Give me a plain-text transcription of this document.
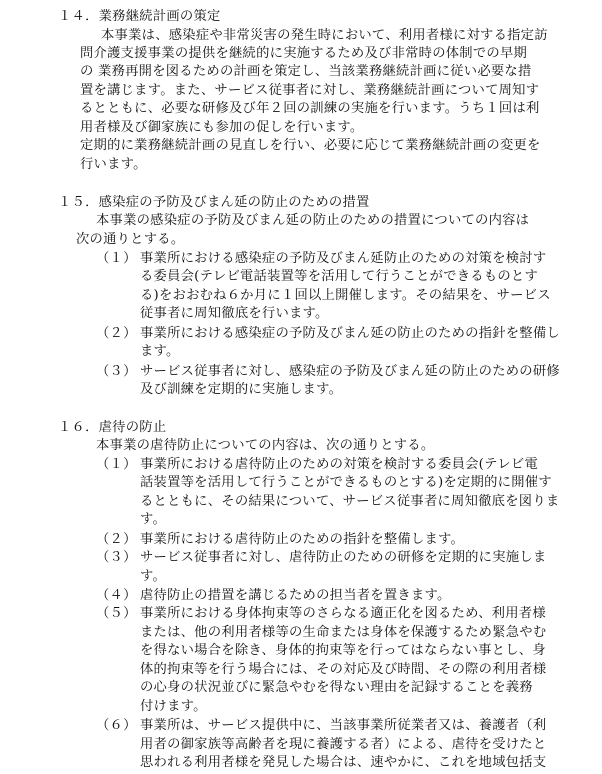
１４．業務継続計画の策定
本事業は、感染症や非常災害の発生時において、利用者様に対する指定訪
問介護支援事業の提供を継続的に実施するため及び非常時の体制での早期
の 業務再開を図るための計画を策定し、当該業務継続計画に従い必要な措
置を講じます。また、サービス従事者に対し、業務継続計画について周知す
るとともに、必要な研修及び年２回の訓練の実施を行います。うち１回は利
用者様及び御家族にも参加の促しを行います。
定期的に業務継続計画の見直しを行い、必要に応じて業務継続計画の変更を
行います。
１５．感染症の予防及びまん延の防止のための措置
本事業の感染症の予防及びまん延の防止のための措置についての内容は
次の通りとする。
（１） 事業所における感染症の予防及びまん延防止のための対策を検討す
る委員会(テレビ電話装置等を活用して行うことができるものとす
る)をおおむね６か月に１回以上開催します。その結果を、サービス
従事者に周知徹底を行います。
（２） 事業所における感染症の予防及びまん延の防止のための指針を整備し
ます。
（３） サービス従事者に対し、感染症の予防及びまん延の防止のための研修
及び訓練を定期的に実施します。
１６．虐待の防止
本事業の虐待防止についての内容は、次の通りとする。
（１） 事業所における虐待防止のための対策を検討する委員会(テレビ電
話装置等を活用して行うことができるものとする)を定期的に開催す
るとともに、その結果について、サービス従事者に周知徹底を図りま
す。
（２） 事業所における虐待防止のための指針を整備します。
（３） サービス従事者に対し、虐待防止のための研修を定期的に実施しま
す。
（４） 虐待防止の措置を講じるための担当者を置きます。
（５） 事業所における身体拘束等のさらなる適正化を図るため、利用者様
または、他の利用者様等の生命または身体を保護するため緊急やむ
を得ない場合を除き、身体的拘束等を行ってはならない事とし、身
体的拘束等を行う場合には、その対応及び時間、その際の利用者様
の心身の状況並びに緊急やむを得ない理由を記録することを義務
付けます。
（６） 事業所は、サービス提供中に、当該事業所従業者又は、養護者（利
用者の御家族等高齢者を現に養護する者）による、虐待を受けたと
思われる利用者様を発見した場合は、速やかに、これを地域包括支
